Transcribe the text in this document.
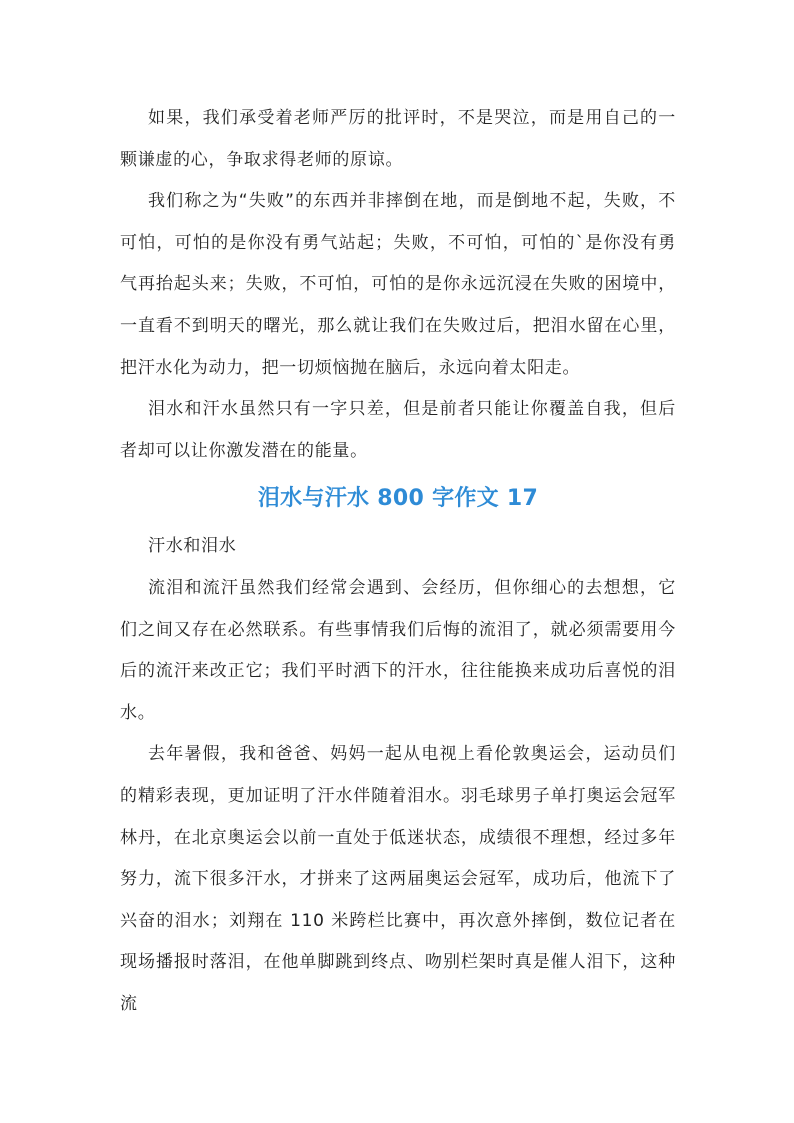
如果，我们承受着老师严厉的批评时，不是哭泣，而是用自己的一颗谦虚的心，争取求得老师的原谅。

我们称之为“失败”的东西并非摔倒在地，而是倒地不起，失败，不可怕，可怕的是你没有勇气站起；失败，不可怕，可怕的`是你没有勇气再抬起头来；失败，不可怕，可怕的是你永远沉浸在失败的困境中，一直看不到明天的曙光，那么就让我们在失败过后，把泪水留在心里，把汗水化为动力，把一切烦恼抛在脑后，永远向着太阳走。

泪水和汗水虽然只有一字只差，但是前者只能让你覆盖自我，但后者却可以让你激发潜在的能量。

泪水与汗水 800 字作文 17

汗水和泪水

流泪和流汗虽然我们经常会遇到、会经历，但你细心的去想想，它们之间又存在必然联系。有些事情我们后悔的流泪了，就必须需要用今后的流汗来改正它；我们平时洒下的汗水，往往能换来成功后喜悦的泪水。

去年暑假，我和爸爸、妈妈一起从电视上看伦敦奥运会，运动员们的精彩表现，更加证明了汗水伴随着泪水。羽毛球男子单打奥运会冠军林丹，在北京奥运会以前一直处于低迷状态，成绩很不理想，经过多年努力，流下很多汗水，才拼来了这两届奥运会冠军，成功后，他流下了兴奋的泪水；刘翔在 110 米跨栏比赛中，再次意外摔倒，数位记者在现场播报时落泪，在他单脚跳到终点、吻别栏架时真是催人泪下，这种流
